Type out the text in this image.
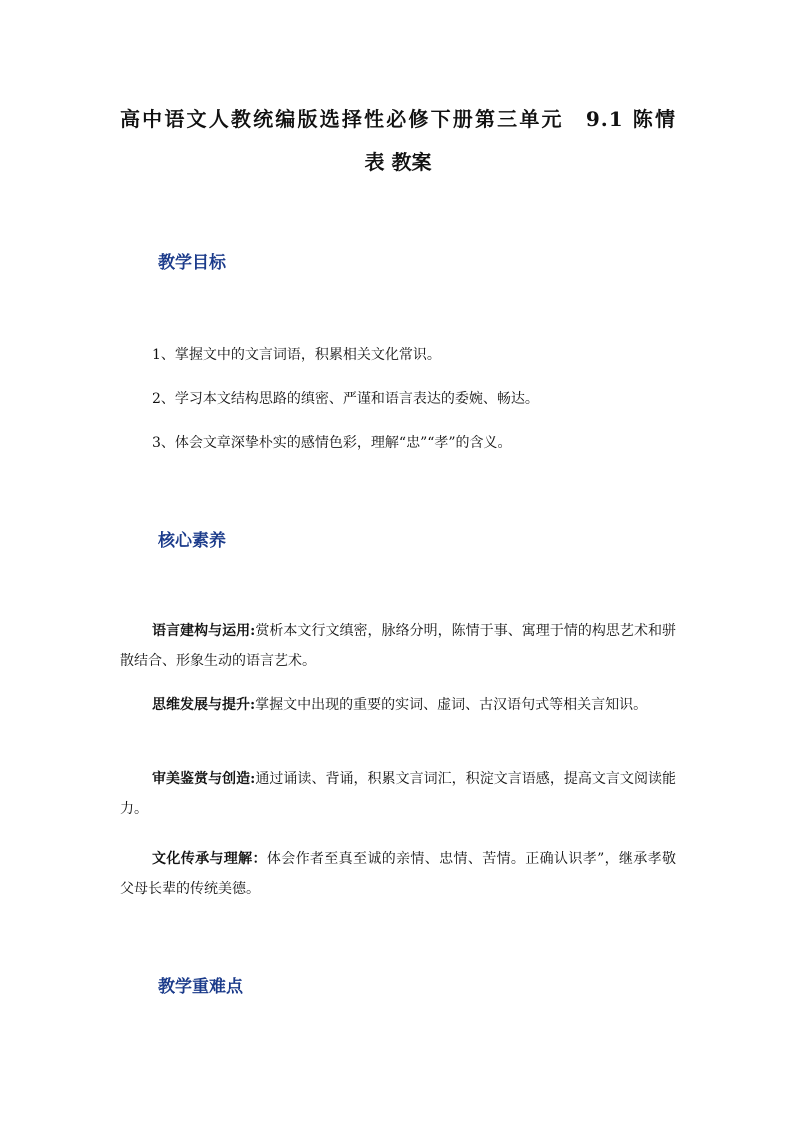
高中语文人教统编版选择性必修下册第三单元　9.1 陈情
表 教案
教学目标

1、掌握文中的文言词语，积累相关文化常识。

2、学习本文结构思路的缜密、严谨和语言表达的委婉、畅达。

3、体会文章深挚朴实的感情色彩，理解“忠”“孝”的含义。

核心素养

语言建构与运用:赏析本文行文缜密，脉络分明，陈情于事、寓理于情的构思艺术和骈散结合、形象生动的语言艺术。

思维发展与提升:掌握文中出现的重要的实词、虚词、古汉语句式等相关言知识。

审美鉴赏与创造:通过诵读、背诵，积累文言词汇，积淀文言语感，提高文言文阅读能力。

文化传承与理解：体会作者至真至诚的亲情、忠情、苦情。正确认识孝”，继承孝敬父母长辈的传统美德。

教学重难点
